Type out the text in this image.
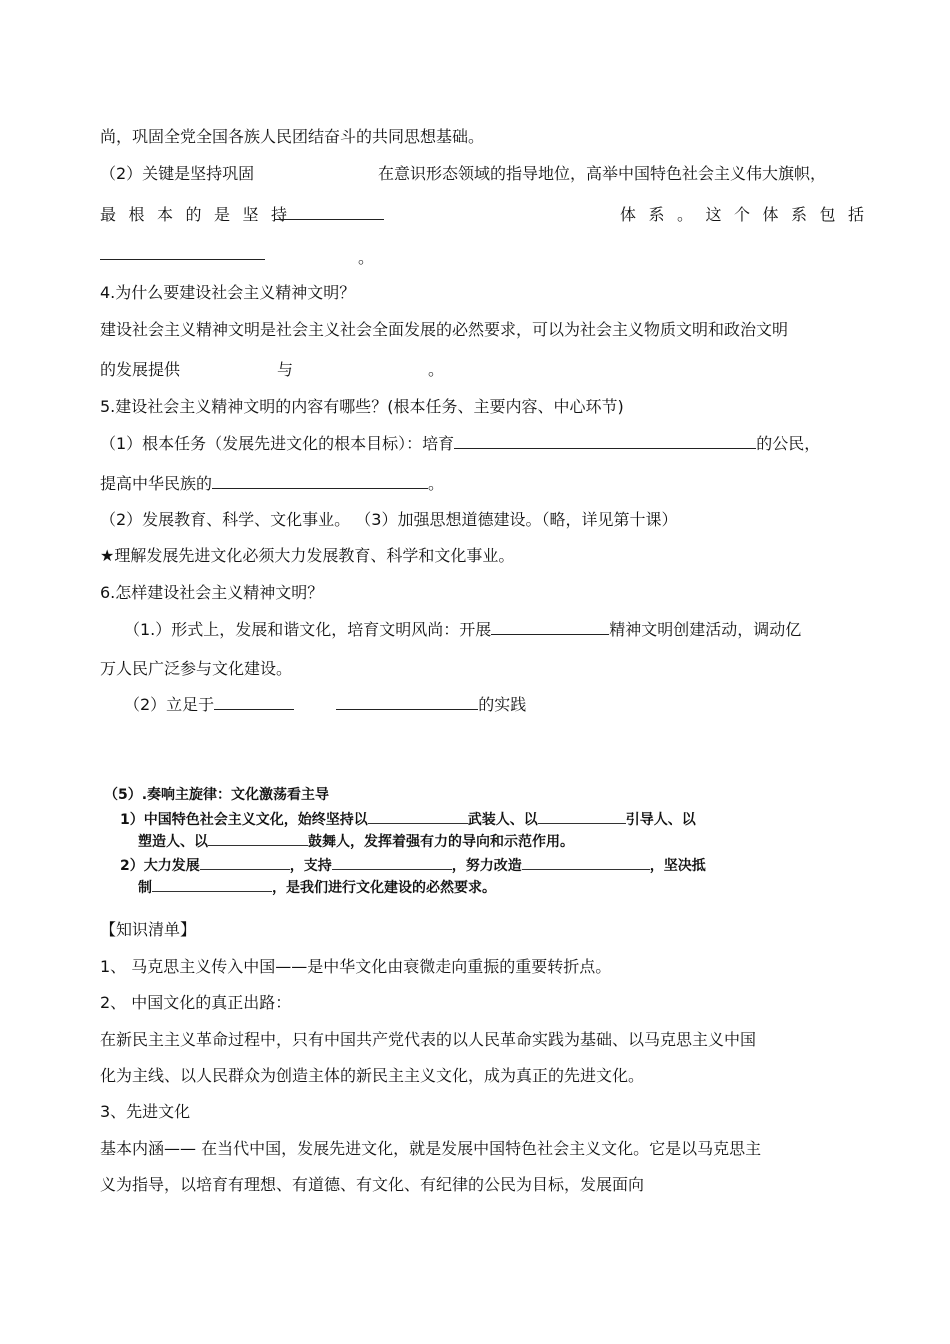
尚，巩固全党全国各族人民团结奋斗的共同思想基础。
（2）关键是坚持巩固	在意识形态领域的指导地位，高举中国特色社会主义伟大旗帜，
最根本的是坚持	体系。这个体系包括
。
4.为什么要建设社会主义精神文明？
建设社会主义精神文明是社会主义社会全面发展的必然要求，可以为社会主义物质文明和政治文明
的发展提供	与	。
5.建设社会主义精神文明的内容有哪些？(根本任务、主要内容、中心环节)
（1）根本任务（发展先进文化的根本目标）：培育	的公民，
提高中华民族的	。
（2）发展教育、科学、文化事业。 （3）加强思想道德建设。（略，详见第十课）
★理解发展先进文化必须大力发展教育、科学和文化事业。
6.怎样建设社会主义精神文明？
（1.）形式上，发展和谐文化，培育文明风尚：开展	精神文明创建活动，调动亿
万人民广泛参与文化建设。
（2）立足于	的实践
（5）.奏响主旋律：文化激荡看主导
1）中国特色社会主义文化，始终坚持以	武装人、以	引导人、以
塑造人、以	鼓舞人，发挥着强有力的导向和示范作用。
2）大力发展	，支持	，努力改造	，坚决抵
制	，是我们进行文化建设的必然要求。
【知识清单】
1、 马克思主义传入中国——是中华文化由衰微走向重振的重要转折点。
2、 中国文化的真正出路：
在新民主主义革命过程中，只有中国共产党代表的以人民革命实践为基础、以马克思主义中国
化为主线、以人民群众为创造主体的新民主主义文化，成为真正的先进文化。
3、先进文化
基本内涵—— 在当代中国，发展先进文化，就是发展中国特色社会主义文化。它是以马克思主
义为指导，以培育有理想、有道德、有文化、有纪律的公民为目标，发展面向
